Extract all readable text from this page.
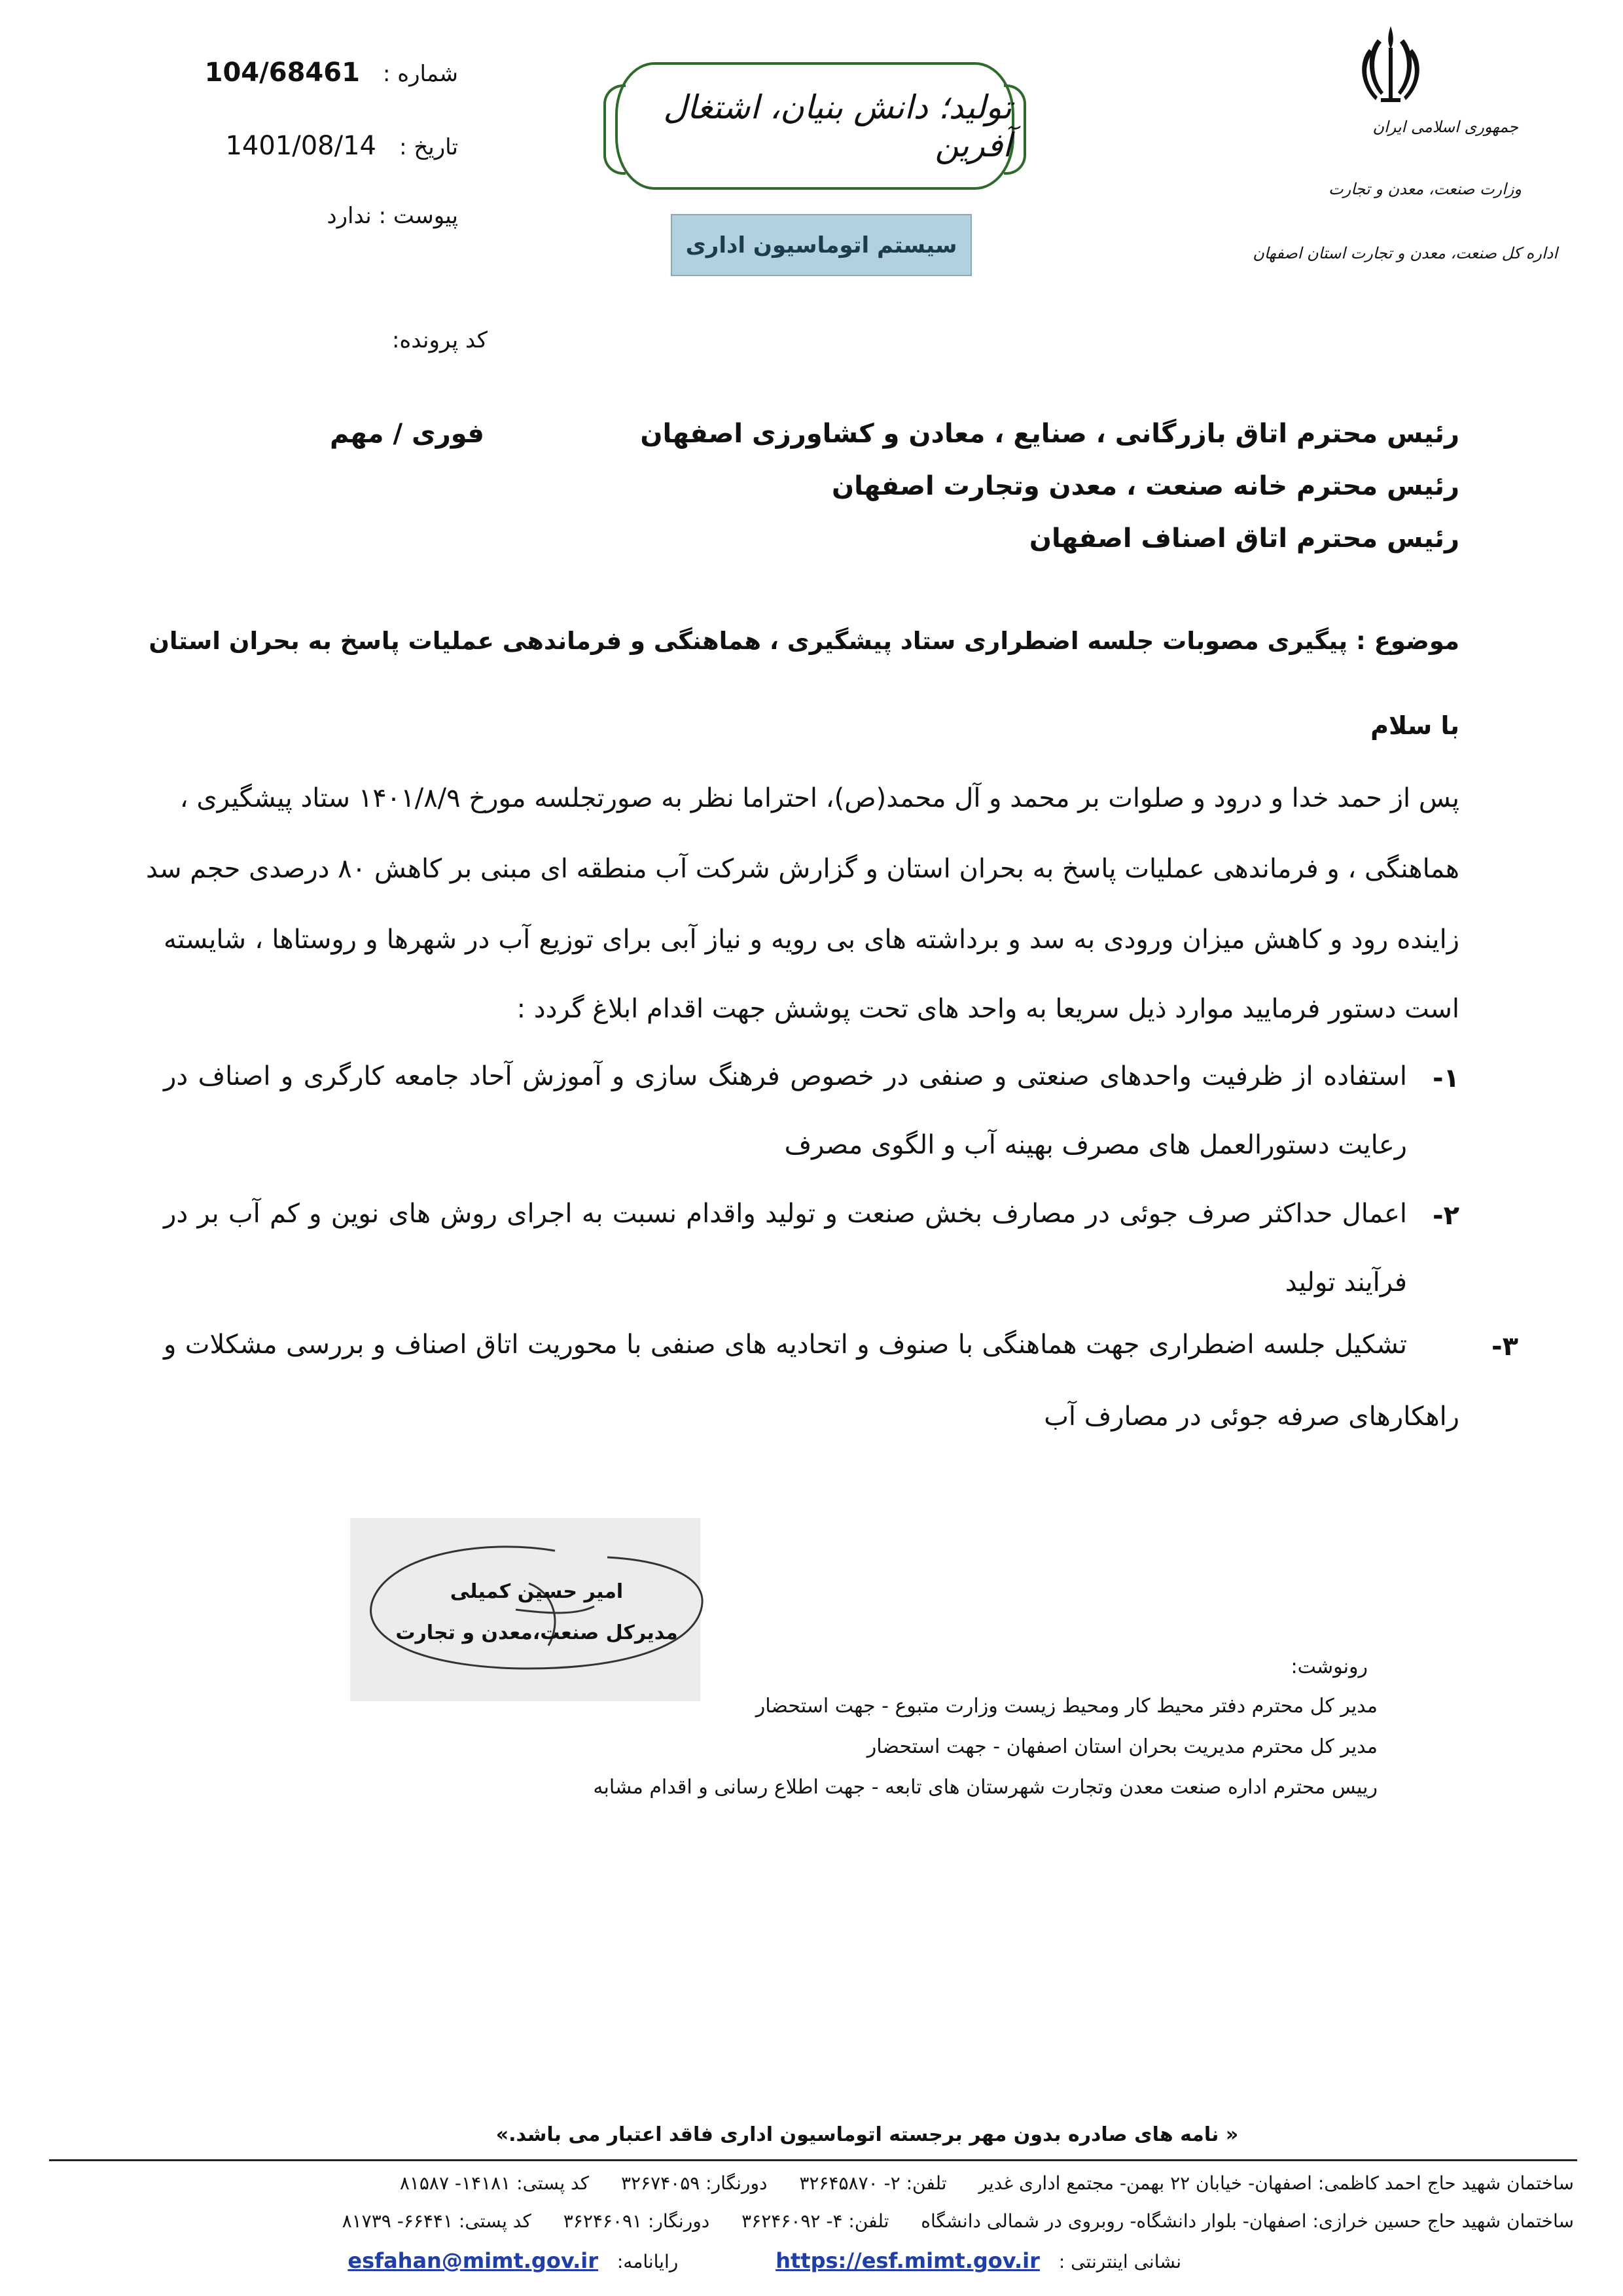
جمهوری اسلامی ایران
وزارت صنعت، معدن و تجارت
اداره کل صنعت، معدن و تجارت استان اصفهان
تولید؛ دانش بنیان، اشتغال آفرین
سیستم اتوماسیون اداری
شماره : 104/68461
تاریخ : 1401/08/14
پیوست : ندارد
کد پرونده:
رئیس محترم اتاق بازرگانی ، صنایع ، معادن و کشاورزی اصفهان
فوری / مهم
رئیس محترم خانه صنعت ، معدن وتجارت اصفهان
رئیس محترم اتاق اصناف اصفهان
موضوع : پیگیری مصوبات جلسه اضطراری ستاد پیشگیری ، هماهنگی و فرماندهی عملیات پاسخ به بحران استان
با سلام
پس از حمد خدا و درود و صلوات بر محمد و آل محمد(ص)، احتراما نظر به صورتجلسه مورخ ۱۴۰۱/۸/۹ ستاد پیشگیری ،
هماهنگی ، و فرماندهی عملیات پاسخ به بحران استان و گزارش شرکت آب منطقه ای مبنی بر کاهش ۸۰ درصدی حجم سد
زاینده رود و کاهش میزان ورودی به سد و برداشته های بی رویه و نیاز آبی برای توزیع آب در شهرها و روستاها ، شایسته
است دستور فرمایید موارد ذیل سریعا به واحد های تحت پوشش جهت اقدام ابلاغ گردد :
۱-
استفاده از ظرفیت واحدهای صنعتی و صنفی در خصوص فرهنگ سازی و آموزش آحاد جامعه کارگری و اصناف در
رعایت دستورالعمل های مصرف بهینه آب و الگوی مصرف
۲-
اعمال حداکثر صرف جوئی در مصارف بخش صنعت و تولید واقدام نسبت به اجرای روش های نوین و کم آب بر در
فرآیند تولید
۳-
تشکیل جلسه اضطراری جهت هماهنگی با صنوف و اتحادیه های صنفی با محوریت اتاق اصناف و بررسی مشکلات و
راهکارهای صرفه جوئی در مصارف آب
امیر حسین کمیلی
مدیرکل صنعت،معدن و تجارت
رونوشت:
مدیر کل محترم دفتر محیط کار ومحیط زیست وزارت متبوع - جهت استحضار
مدیر کل محترم مدیریت بحران استان اصفهان - جهت استحضار
رییس محترم اداره صنعت معدن وتجارت شهرستان های تابعه - جهت اطلاع رسانی و اقدام مشابه
« نامه های صادره بدون مهر برجسته اتوماسیون اداری فاقد اعتبار می باشد.»
ساختمان شهید حاج احمد کاظمی: اصفهان- خیابان ۲۲ بهمن- مجتمع اداری غدیر تلفن: ۲- ۳۲۶۴۵۸۷۰ دورنگار: ۳۲۶۷۴۰۵۹ کد پستی: ۱۴۱۸۱- ۸۱۵۸۷
ساختمان شهید حاج حسین خرازی: اصفهان- بلوار دانشگاه- روبروی در شمالی دانشگاه تلفن: ۴- ۳۶۲۴۶۰۹۲ دورنگار: ۳۶۲۴۶۰۹۱ کد پستی: ۶۶۴۴۱- ۸۱۷۳۹
نشانی اینترنتی : https://esf.mimt.gov.ir رایانامه: esfahan@mimt.gov.ir
